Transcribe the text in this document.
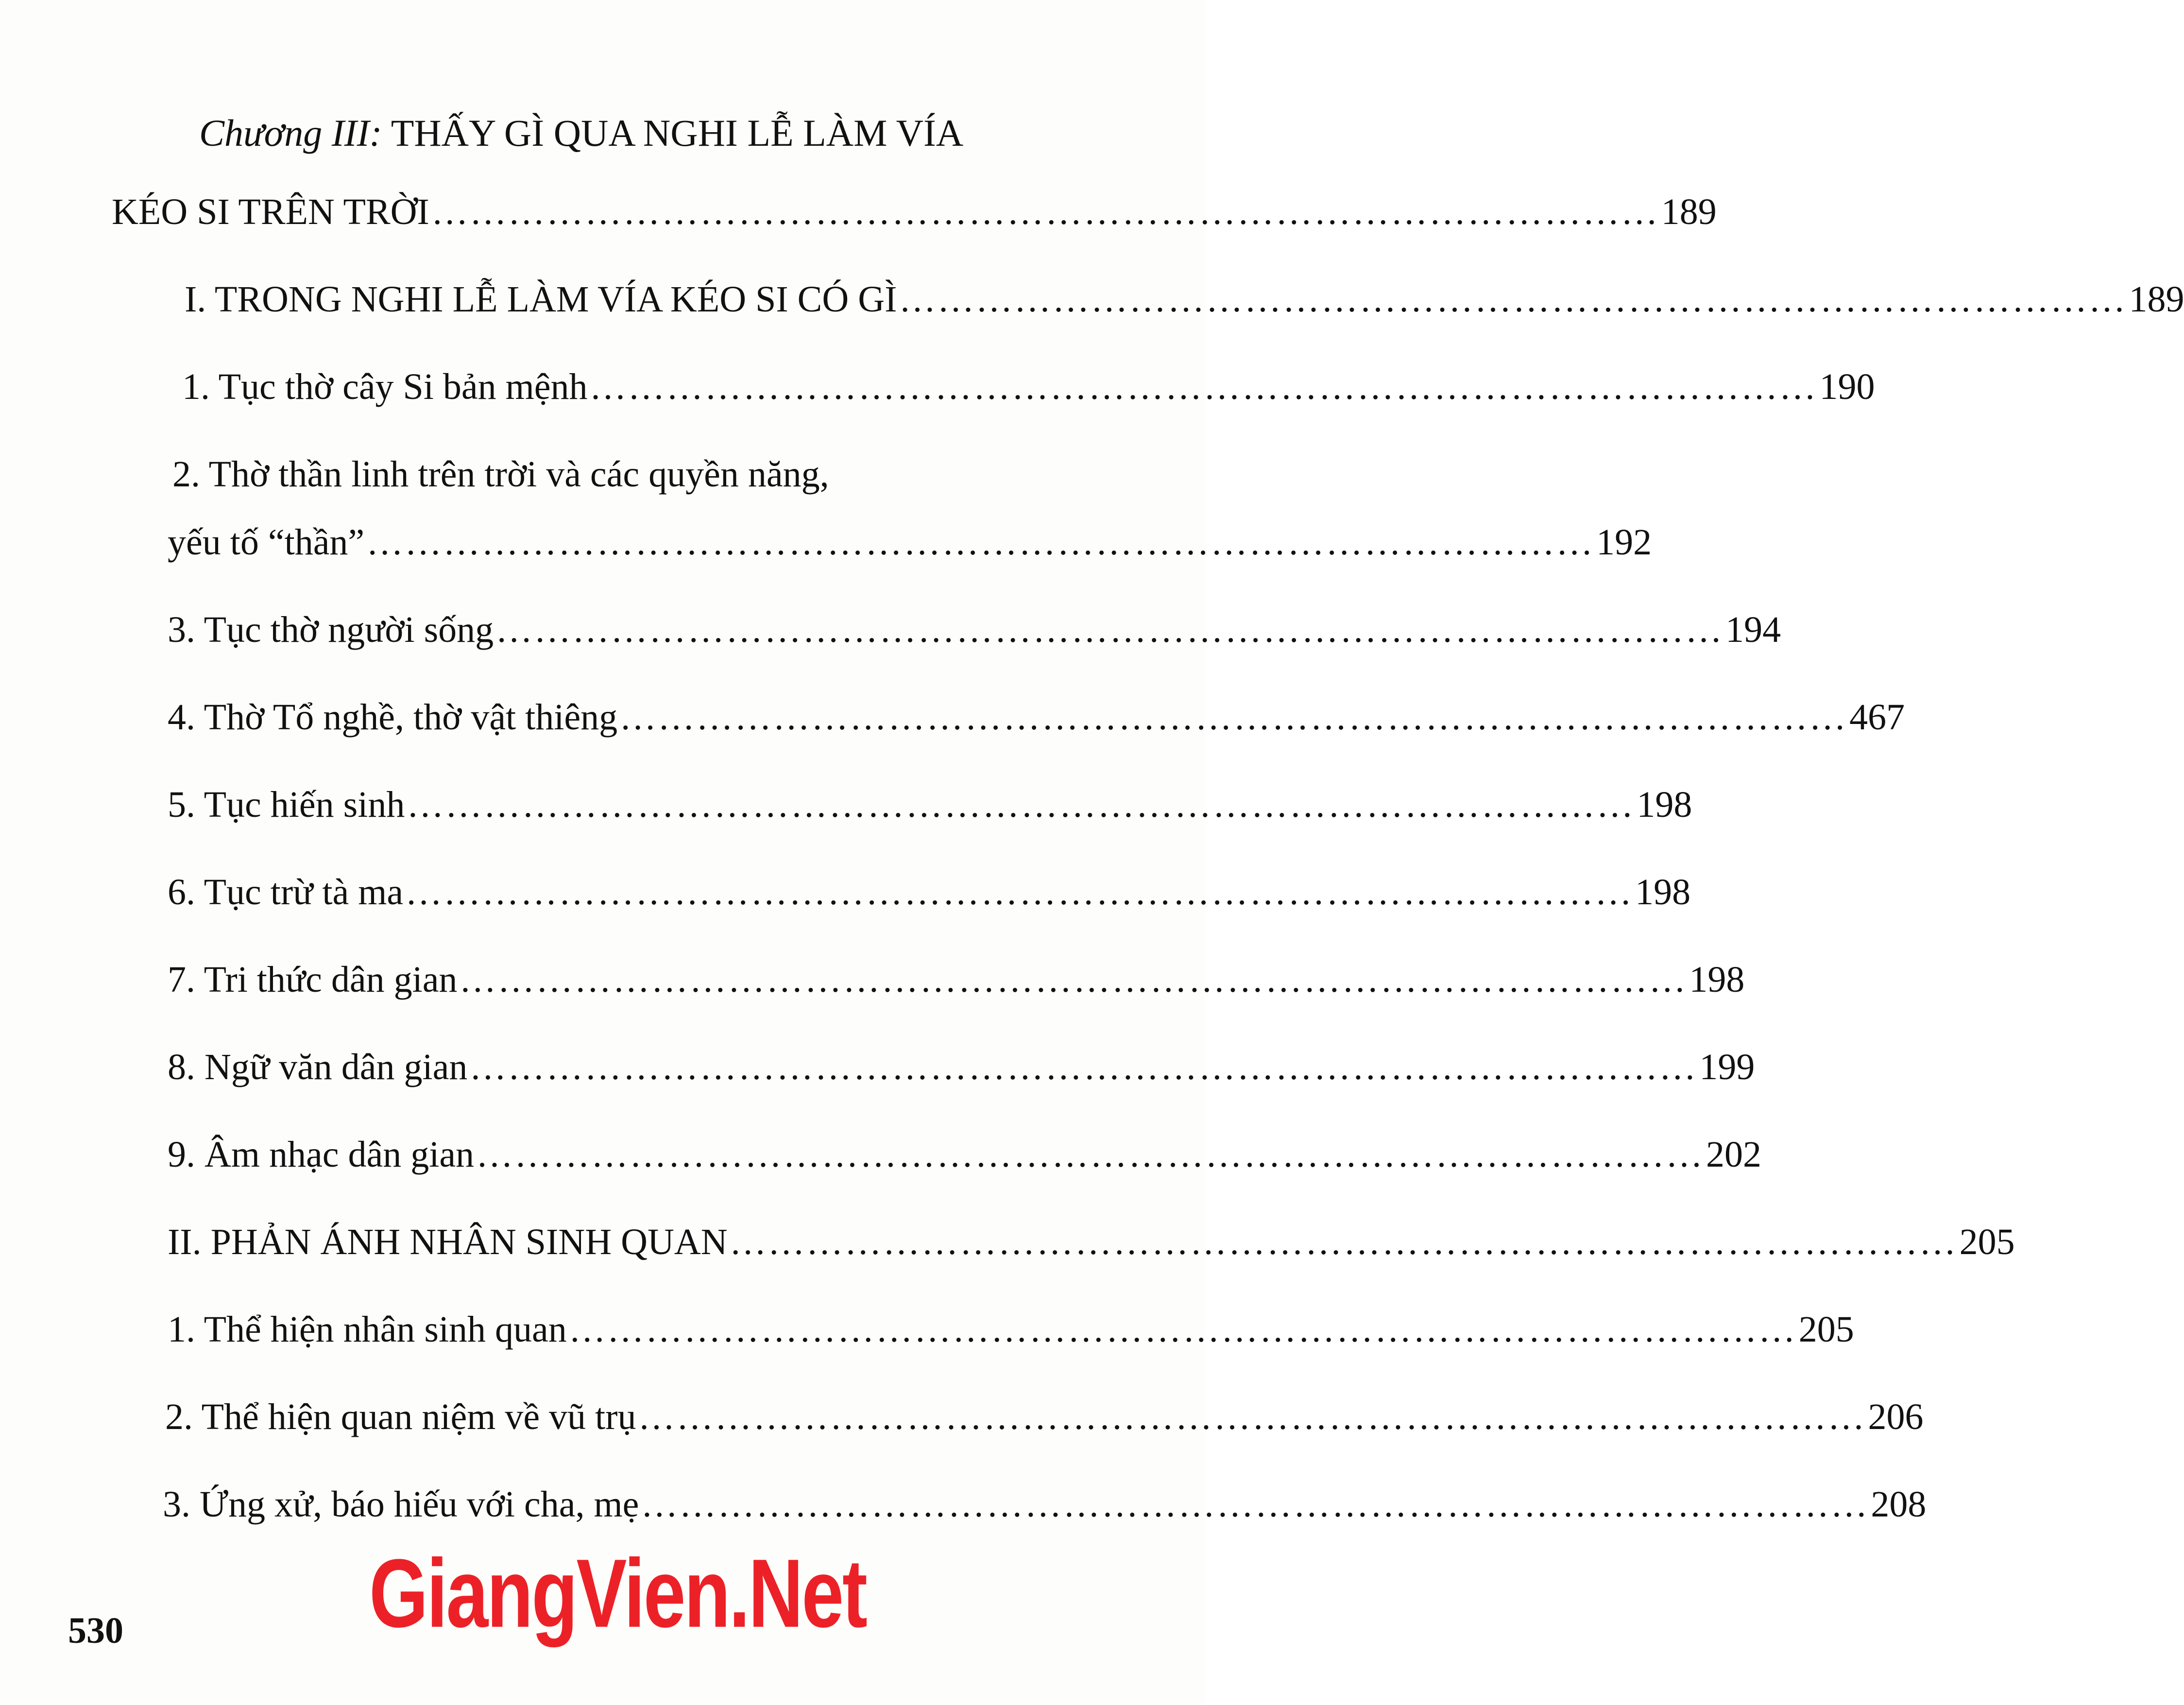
Chương III: THẤY GÌ QUA NGHI LỄ LÀM VÍA
KÉO SI TRÊN TRỜI …………………………………………………………………………………… 189
I. TRONG NGHI LỄ LÀM VÍA KÉO SI CÓ GÌ …………………………………………………………………………………… 189
1. Tục thờ cây Si bản mệnh …………………………………………………………………………………… 190
2. Thờ thần linh trên trời và các quyền năng,
yếu tố “thần” …………………………………………………………………………………… 192
3. Tục thờ người sống …………………………………………………………………………………… 194
4. Thờ Tổ nghề, thờ vật thiêng …………………………………………………………………………………… 467
5. Tục hiến sinh …………………………………………………………………………………… 198
6. Tục trừ tà ma …………………………………………………………………………………… 198
7. Tri thức dân gian …………………………………………………………………………………… 198
8. Ngữ văn dân gian …………………………………………………………………………………… 199
9. Âm nhạc dân gian …………………………………………………………………………………… 202
II. PHẢN ÁNH NHÂN SINH QUAN …………………………………………………………………………………… 205
1. Thể hiện nhân sinh quan …………………………………………………………………………………… 205
2. Thể hiện quan niệm về vũ trụ …………………………………………………………………………………… 206
3. Ứng xử, báo hiếu với cha, mẹ …………………………………………………………………………………… 208
GiangVien.Net
530
